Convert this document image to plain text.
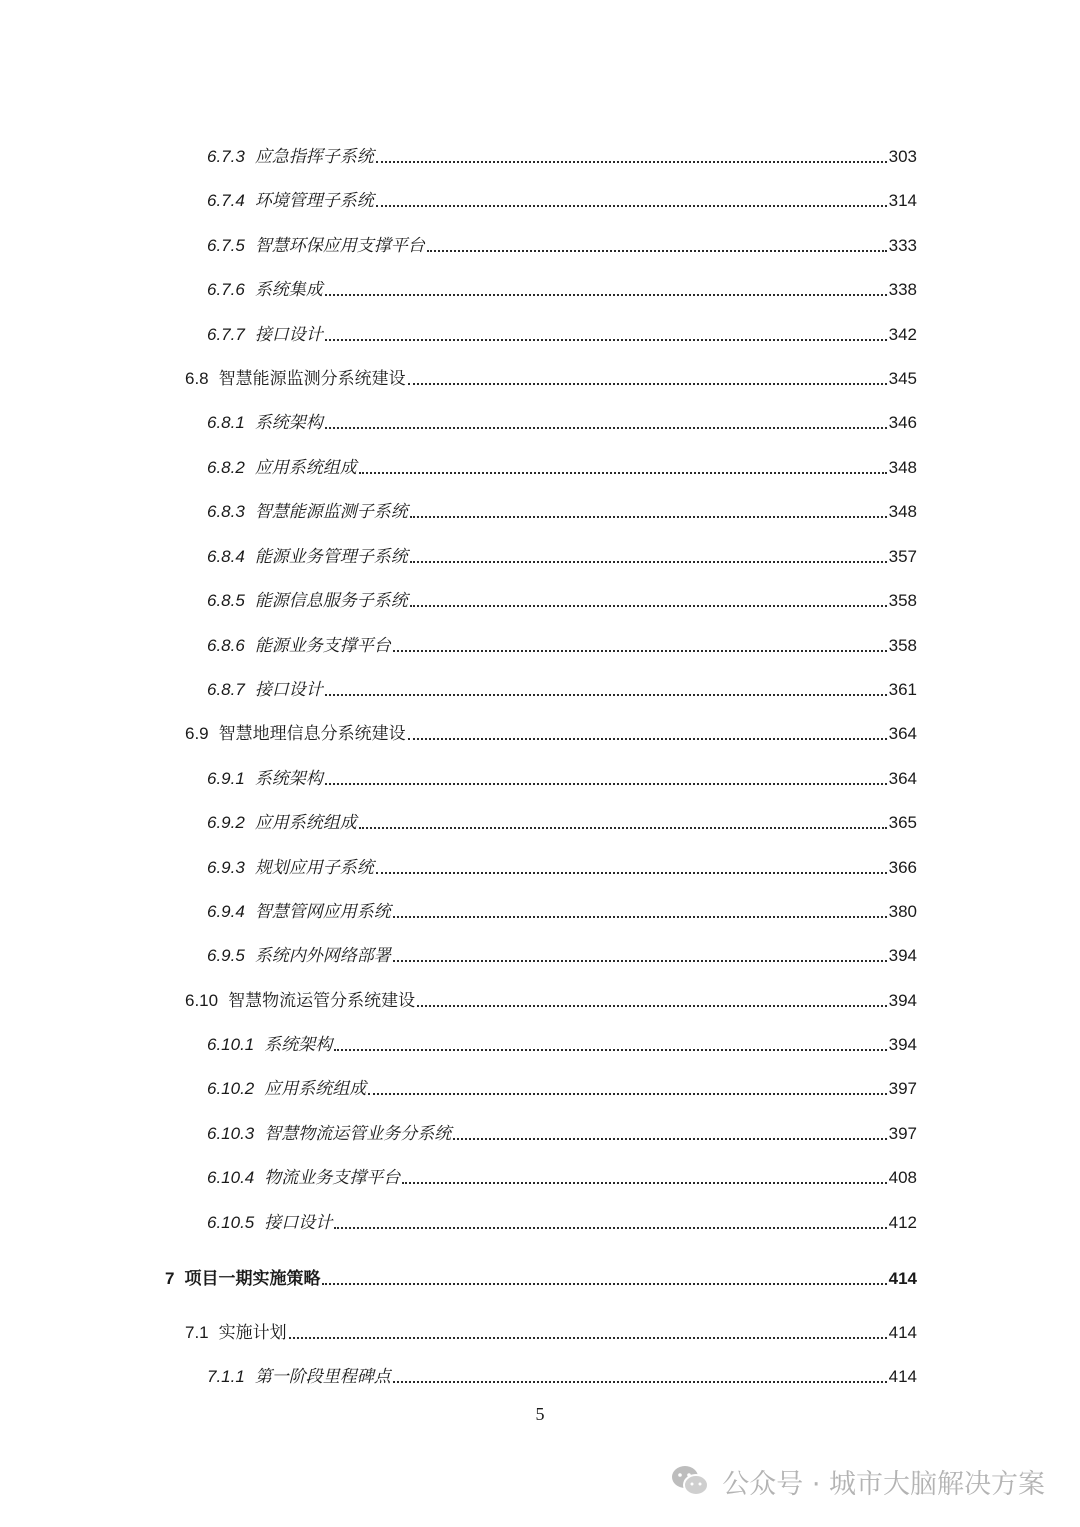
6.7.3 应急指挥子系统	303
6.7.4 环境管理子系统	314
6.7.5 智慧环保应用支撑平台	333
6.7.6 系统集成	338
6.7.7 接口设计	342
6.8 智慧能源监测分系统建设	345
6.8.1 系统架构	346
6.8.2 应用系统组成	348
6.8.3 智慧能源监测子系统	348
6.8.4 能源业务管理子系统	357
6.8.5 能源信息服务子系统	358
6.8.6 能源业务支撑平台	358
6.8.7 接口设计	361
6.9 智慧地理信息分系统建设	364
6.9.1 系统架构	364
6.9.2 应用系统组成	365
6.9.3 规划应用子系统	366
6.9.4 智慧管网应用系统	380
6.9.5 系统内外网络部署	394
6.10 智慧物流运管分系统建设	394
6.10.1 系统架构	394
6.10.2 应用系统组成	397
6.10.3 智慧物流运管业务分系统	397
6.10.4 物流业务支撑平台	408
6.10.5 接口设计	412
7 项目一期实施策略	414
7.1 实施计划	414
7.1.1 第一阶段里程碑点	414
5
公众号 · 城市大脑解决方案
